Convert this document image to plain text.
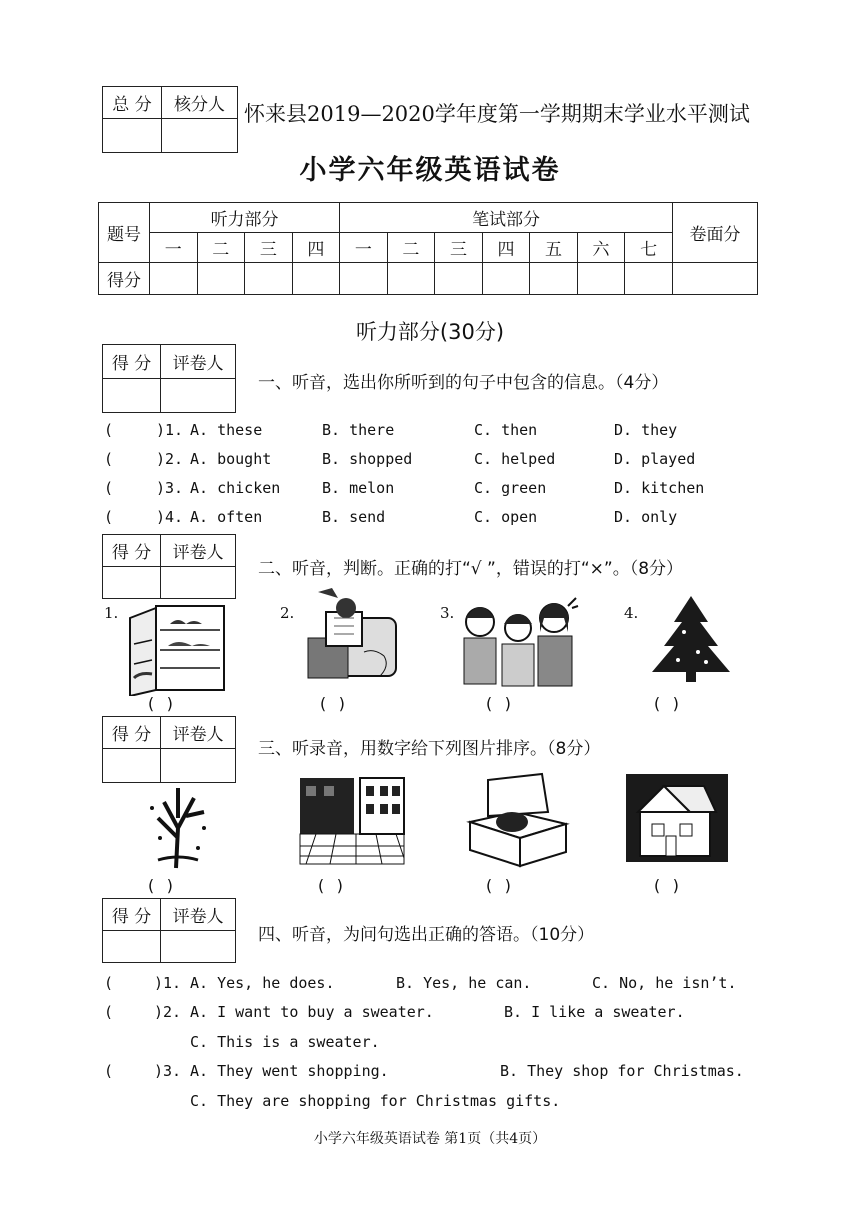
总 分	核分人
	怀来县2019—2020学年度第一学期期末学业水平测试
小学六年级英语试卷
题号	听力部分				笔试部分							卷面分
	一	二	三	四	一	二	三	四	五	六	七	
得分												
听力部分(30分)
得 分	评卷人

得 分	评卷人

得 分	评卷人

得 分	评卷人

一、听音，选出你所听到的句子中包含的信息。（4分）
(	)1. A. these	B. there	C. then	D. they
(	)2. A. bought	B. shopped	C. helped	D. played
(	)3. A. chicken	B. melon	C. green	D. kitchen
(	)4. A. often	B. send	C. open	D. only
二、听音，判断。正确的打“√ ”，错误的打“×”。（8分）
1.	2.	3.	4.
( )	( )	( )	( )
三、听录音，用数字给下列图片排序。（8分）
( )	( )	( )	( )
四、听音，为问句选出正确的答语。（10分）
(	)1. A. Yes, he does.	B. Yes, he can.	C. No, he isn’t.
(	)2. A. I want to buy a sweater.	B. I like a sweater.
C. This is a sweater.
(	)3. A. They went shopping.	B. They shop for Christmas.
C. They are shopping for Christmas gifts.
小学六年级英语试卷 第1页（共4页）
